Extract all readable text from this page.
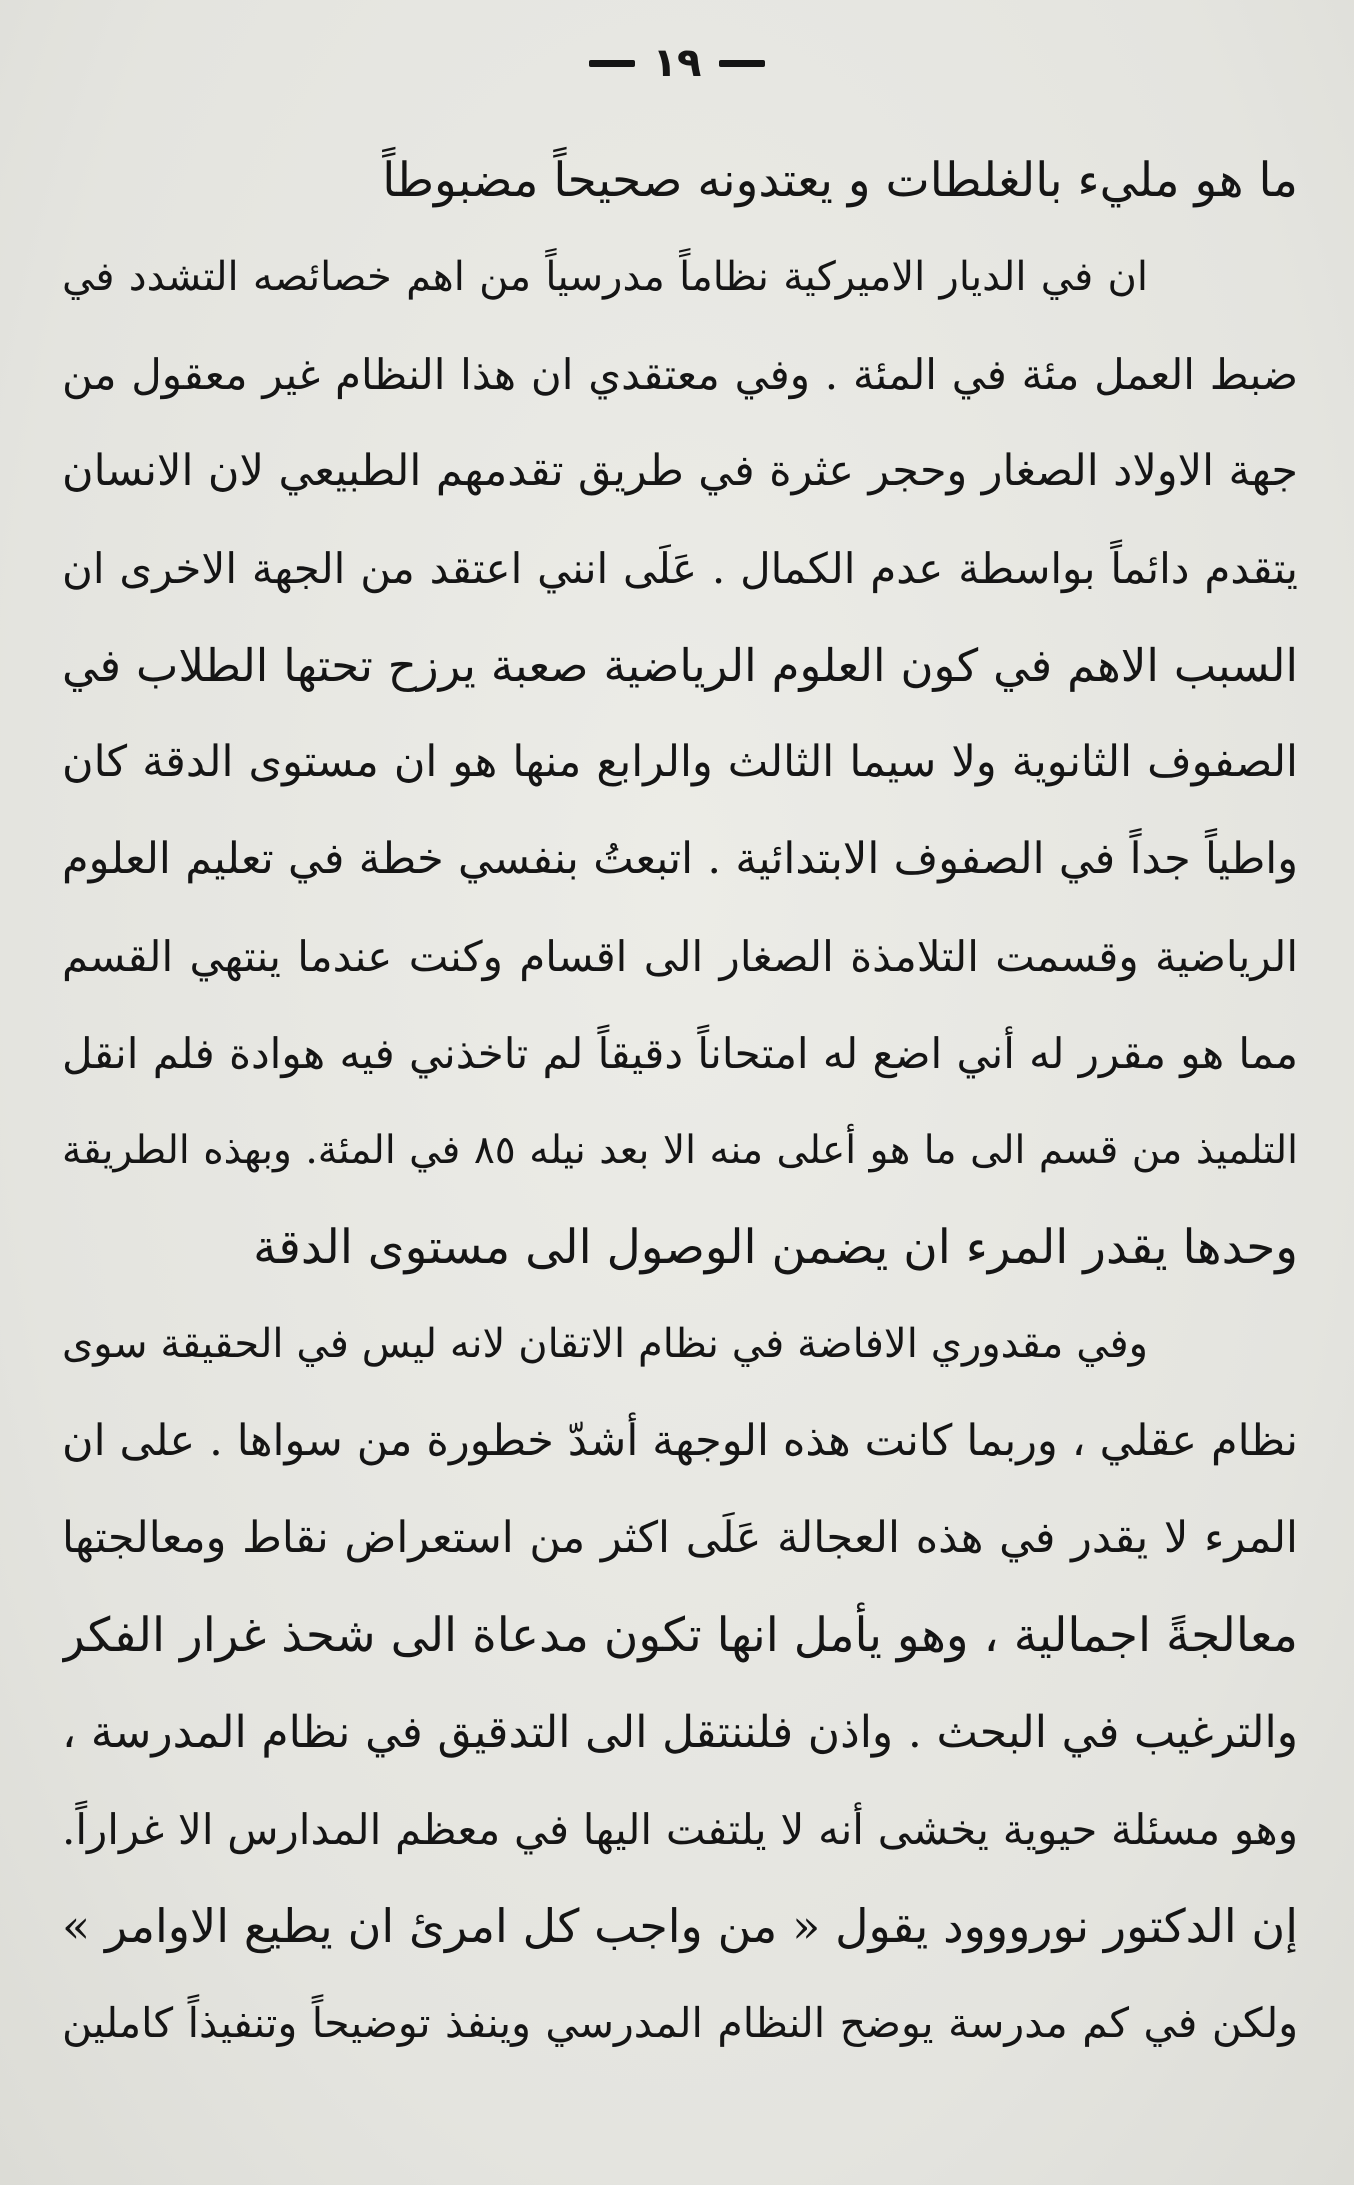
١٩
ما هو مليء بالغلطات و يعتدونه صحيحاً مضبوطاً
ان في الديار الاميركية نظاماً مدرسياً من اهم خصائصه التشدد في
ضبط العمل مئة في المئة . وفي معتقدي ان هذا النظام غير معقول من
جهة الاولاد الصغار وحجر عثرة في طريق تقدمهم الطبيعي لان الانسان
يتقدم دائماً بواسطة عدم الكمال . عَلَى انني اعتقد من الجهة الاخرى ان
السبب الاهم في كون العلوم الرياضية صعبة يرزح تحتها الطلاب في
الصفوف الثانوية ولا سيما الثالث والرابع منها هو ان مستوى الدقة كان
واطياً جداً في الصفوف الابتدائية . اتبعتُ بنفسي خطة في تعليم العلوم
الرياضية وقسمت التلامذة الصغار الى اقسام وكنت عندما ينتهي القسم
مما هو مقرر له أني اضع له امتحاناً دقيقاً لم تاخذني فيه هوادة فلم انقل
التلميذ من قسم الى ما هو أعلى منه الا بعد نيله ٨٥ في المئة. وبهذه الطريقة
وحدها يقدر المرء ان يضمن الوصول الى مستوى الدقة
وفي مقدوري الافاضة في نظام الاتقان لانه ليس في الحقيقة سوى
نظام عقلي ، وربما كانت هذه الوجهة أشدّ خطورة من سواها . على ان
المرء لا يقدر في هذه العجالة عَلَى اكثر من استعراض نقاط ومعالجتها
معالجةً اجمالية ، وهو يأمل انها تكون مدعاة الى شحذ غرار الفكر
والترغيب في البحث . واذن فلننتقل الى التدقيق في نظام المدرسة ،
وهو مسئلة حيوية يخشى أنه لا يلتفت اليها في معظم المدارس الا غراراً.
إن الدكتور نورووود يقول « من واجب كل امرئ ان يطيع الاوامر »
ولكن في كم مدرسة يوضح النظام المدرسي وينفذ توضيحاً وتنفيذاً كاملين
